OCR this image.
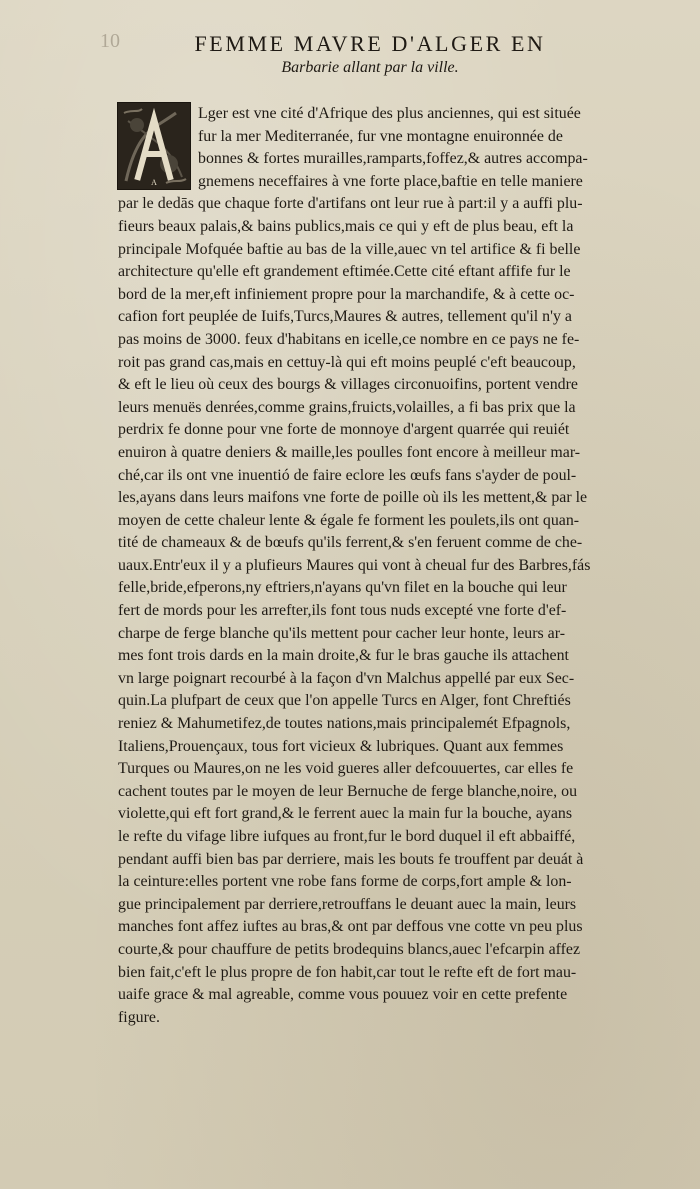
10	FEMME MAVRE D'ALGER EN
Barbarie allant par la ville.
A
Lger est vne cité d'Afrique des plus anciennes, qui est située
fur la mer Mediterranée, fur vne montagne enuironnée de
bonnes & fortes murailles,ramparts,foffez,& autres accompa-
gnemens neceffaires à vne forte place,baftie en telle maniere
par le dedās que chaque forte d'artifans ont leur rue à part:il y a auffi plu-
fieurs beaux palais,& bains publics,mais ce qui y eft de plus beau, eft la
principale Mofquée baftie au bas de la ville,auec vn tel artifice & fi belle
architecture qu'elle eft grandement eftimée.Cette cité eftant affife fur le
bord de la mer,eft infiniement propre pour la marchandife, & à cette oc-
cafion fort peuplée de Iuifs,Turcs,Maures & autres, tellement qu'il n'y a
pas moins de 3000. feux d'habitans en icelle,ce nombre en ce pays ne fe-
roit pas grand cas,mais en cettuy-là qui eft moins peuplé c'eft beaucoup,
& eft le lieu où ceux des bourgs & villages circonuoifins, portent vendre
leurs menuës denrées,comme grains,fruicts,volailles, a fi bas prix que la
perdrix fe donne pour vne forte de monnoye d'argent quarrée qui reuiét
enuiron à quatre deniers & maille,les poulles font encore à meilleur mar-
ché,car ils ont vne inuentió de faire eclore les œufs fans s'ayder de poul-
les,ayans dans leurs maifons vne forte de poille où ils les mettent,& par le
moyen de cette chaleur lente & égale fe forment les poulets,ils ont quan-
tité de chameaux & de bœufs qu'ils ferrent,& s'en feruent comme de che-
uaux.Entr'eux il y a plufieurs Maures qui vont à cheual fur des Barbres,fás
felle,bride,efperons,ny eftriers,n'ayans qu'vn filet en la bouche qui leur
fert de mords pour les arrefter,ils font tous nuds excepté vne forte d'ef-
charpe de ferge blanche qu'ils mettent pour cacher leur honte, leurs ar-
mes font trois dards en la main droite,& fur le bras gauche ils attachent
vn large poignart recourbé à la façon d'vn Malchus appellé par eux Sec-
quin.La plufpart de ceux que l'on appelle Turcs en Alger, font Chreftiés
reniez & Mahumetifez,de toutes nations,mais principalemét Efpagnols,
Italiens,Prouençaux, tous fort vicieux & lubriques. Quant aux femmes
Turques ou Maures,on ne les void gueres aller defcouuertes, car elles fe
cachent toutes par le moyen de leur Bernuche de ferge blanche,noire, ou
violette,qui eft fort grand,& le ferrent auec la main fur la bouche, ayans
le refte du vifage libre iufques au front,fur le bord duquel il eft abbaiffé,
pendant auffi bien bas par derriere, mais les bouts fe trouffent par deuát à
la ceinture:elles portent vne robe fans forme de corps,fort ample & lon-
gue principalement par derriere,retrouffans le deuant auec la main, leurs
manches font affez iuftes au bras,& ont par deffous vne cotte vn peu plus
courte,& pour chauffure de petits brodequins blancs,auec l'efcarpin affez
bien fait,c'eft le plus propre de fon habit,car tout le refte eft de fort mau-
uaife grace & mal agreable, comme vous pouuez voir en cette prefente
figure.
